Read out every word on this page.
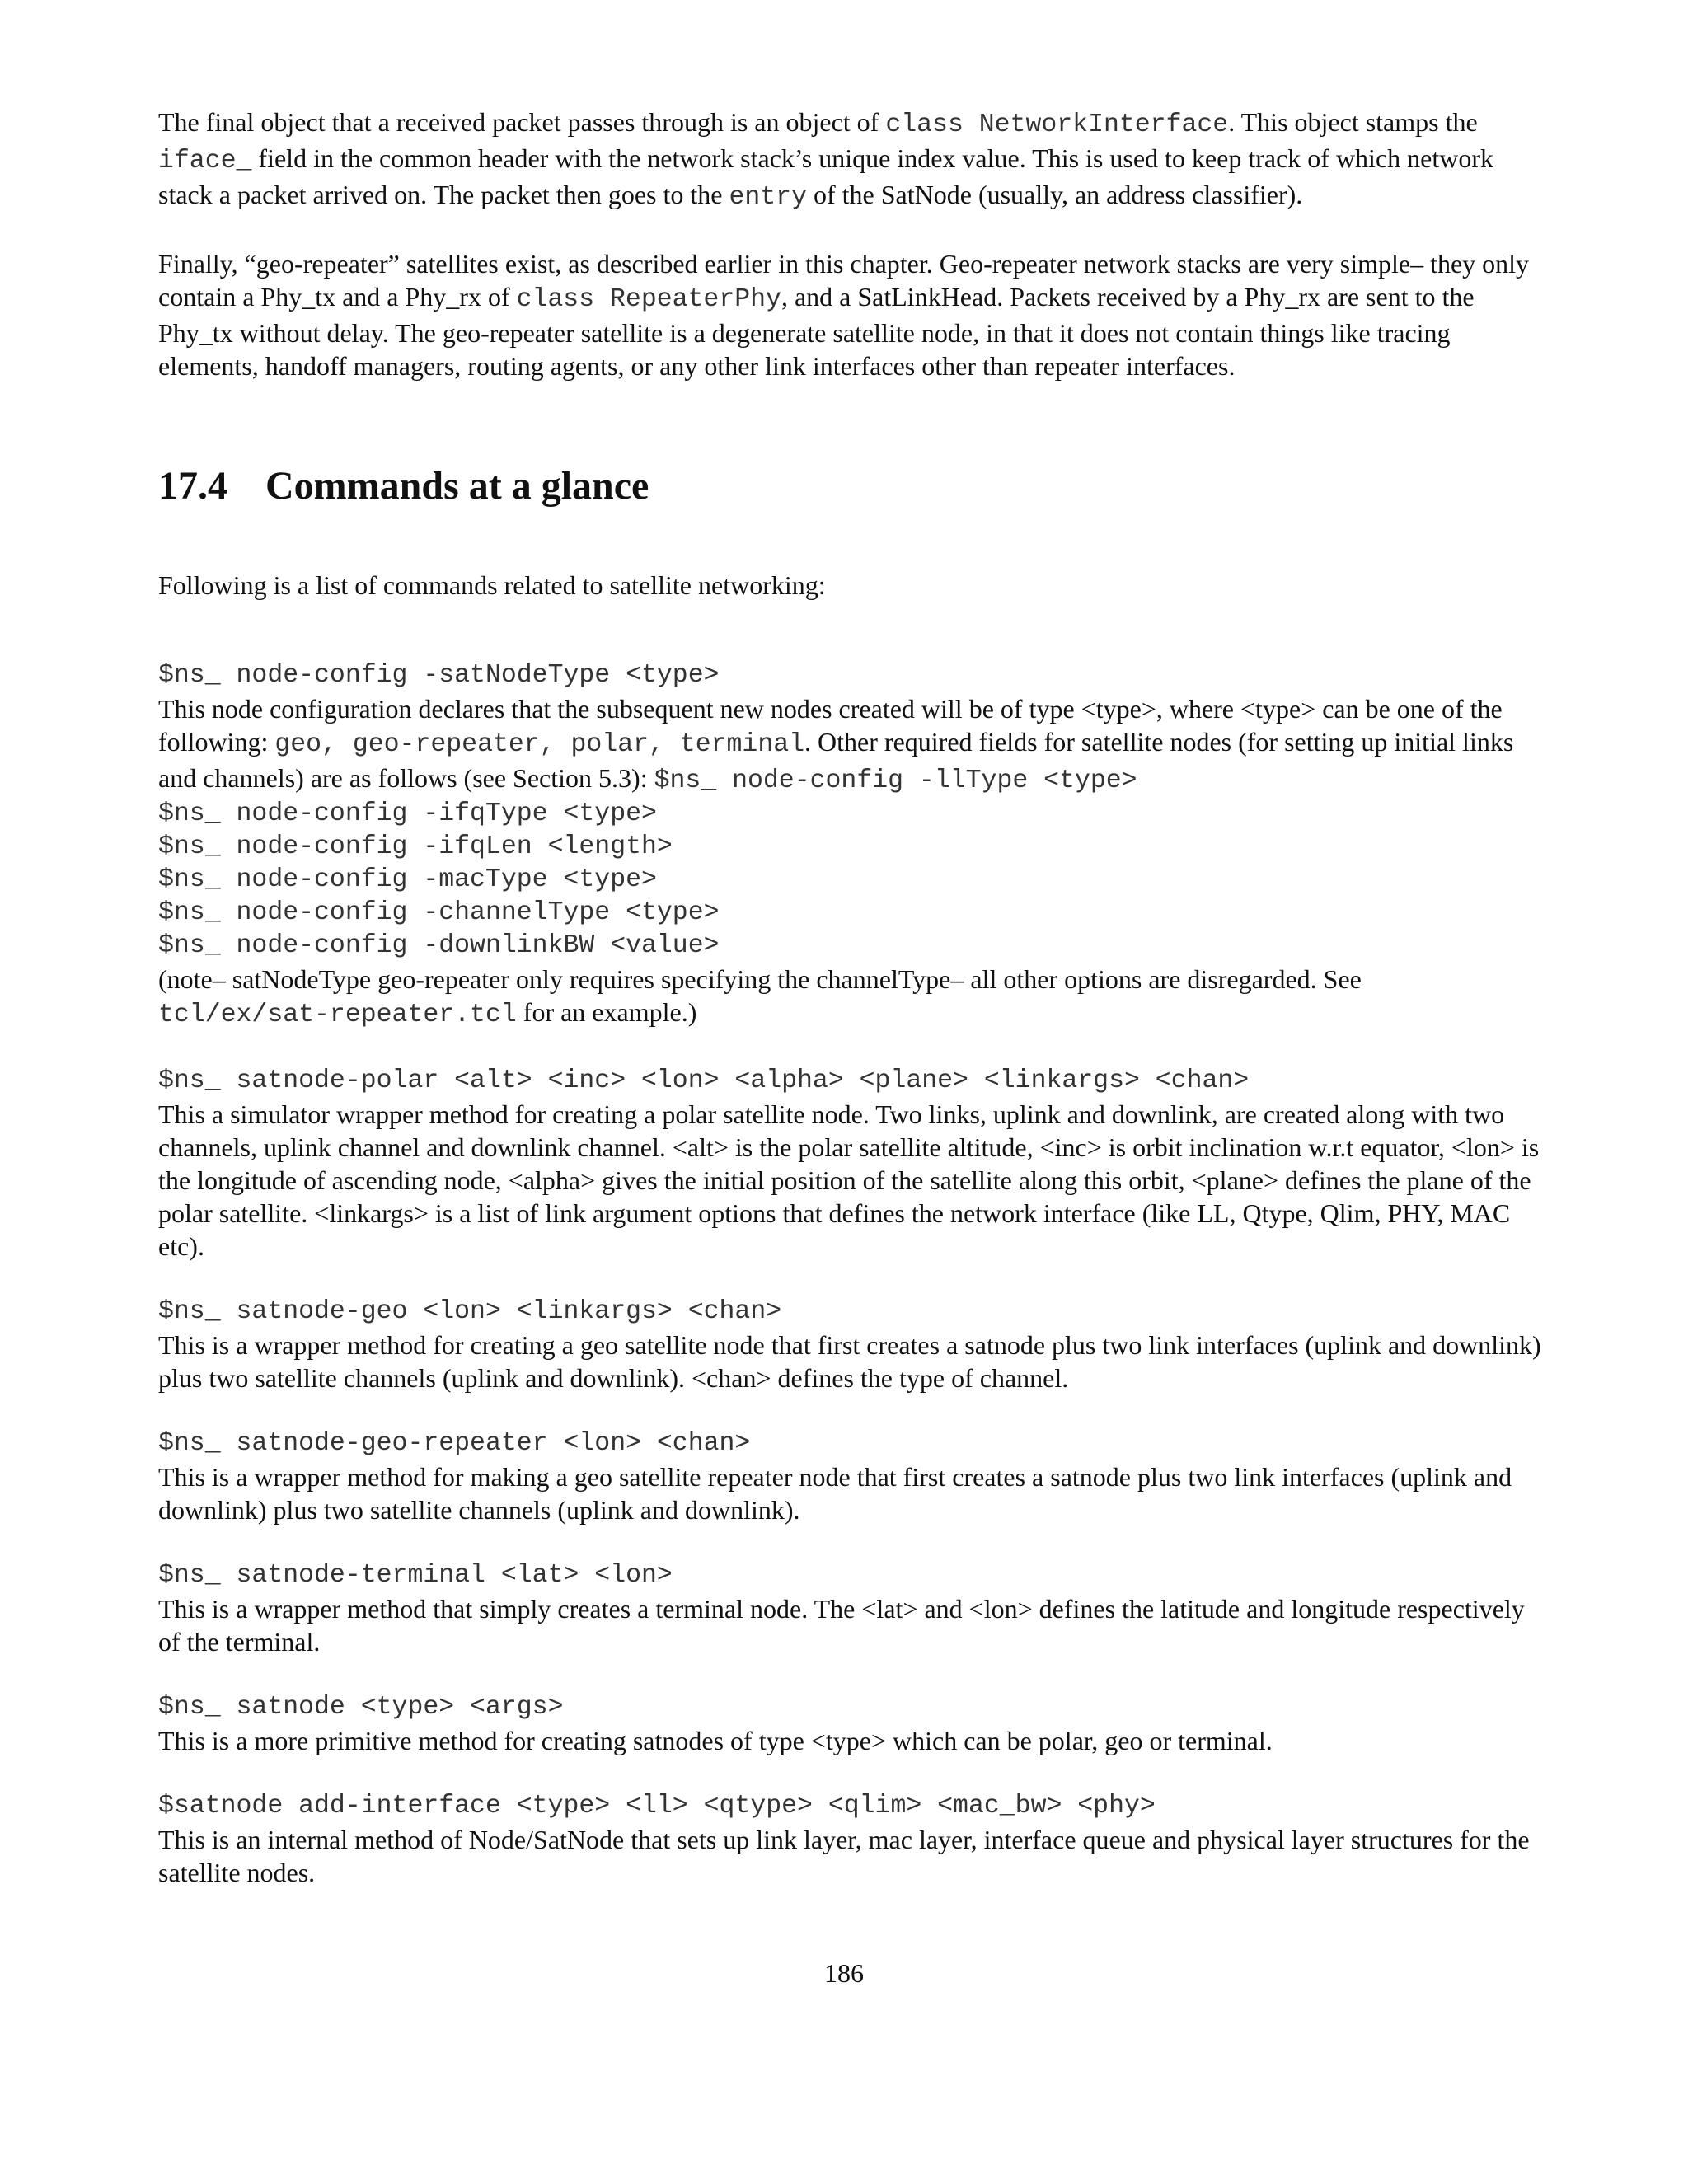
The final object that a received packet passes through is an object of class NetworkInterface. This object stamps the iface_ field in the common header with the network stack’s unique index value. This is used to keep track of which network stack a packet arrived on. The packet then goes to the entry of the SatNode (usually, an address classifier).

Finally, “geo-repeater” satellites exist, as described earlier in this chapter. Geo-repeater network stacks are very simple– they only contain a Phy_tx and a Phy_rx of class RepeaterPhy, and a SatLinkHead. Packets received by a Phy_rx are sent to the Phy_tx without delay. The geo-repeater satellite is a degenerate satellite node, in that it does not contain things like tracing elements, handoff managers, routing agents, or any other link interfaces other than repeater interfaces.

17.4 Commands at a glance

Following is a list of commands related to satellite networking:

$ns_ node-config -satNodeType <type>

This node configuration declares that the subsequent new nodes created will be of type <type>, where <type> can be one of the following: geo, geo-repeater, polar, terminal. Other required fields for satellite nodes (for setting up initial links and channels) are as follows (see Section 5.3): $ns_ node-config -llType <type>

$ns_ node-config -ifqType <type>
$ns_ node-config -ifqLen <length>
$ns_ node-config -macType <type>
$ns_ node-config -channelType <type>
$ns_ node-config -downlinkBW <value>

(note– satNodeType geo-repeater only requires specifying the channelType– all other options are disregarded. See tcl/ex/sat-repeater.tcl for an example.)

$ns_ satnode-polar <alt> <inc> <lon> <alpha> <plane> <linkargs> <chan>

This a simulator wrapper method for creating a polar satellite node. Two links, uplink and downlink, are created along with two channels, uplink channel and downlink channel. <alt> is the polar satellite altitude, <inc> is orbit inclination w.r.t equator, <lon> is the longitude of ascending node, <alpha> gives the initial position of the satellite along this orbit, <plane> defines the plane of the polar satellite. <linkargs> is a list of link argument options that defines the network interface (like LL, Qtype, Qlim, PHY, MAC etc).

$ns_ satnode-geo <lon> <linkargs> <chan>

This is a wrapper method for creating a geo satellite node that first creates a satnode plus two link interfaces (uplink and downlink) plus two satellite channels (uplink and downlink). <chan> defines the type of channel.

$ns_ satnode-geo-repeater <lon> <chan>

This is a wrapper method for making a geo satellite repeater node that first creates a satnode plus two link interfaces (uplink and downlink) plus two satellite channels (uplink and downlink).

$ns_ satnode-terminal <lat> <lon>

This is a wrapper method that simply creates a terminal node. The <lat> and <lon> defines the latitude and longitude respectively of the terminal.

$ns_ satnode <type> <args>

This is a more primitive method for creating satnodes of type <type> which can be polar, geo or terminal.

$satnode add-interface <type> <ll> <qtype> <qlim> <mac_bw> <phy>

This is an internal method of Node/SatNode that sets up link layer, mac layer, interface queue and physical layer structures for the satellite nodes.

186
